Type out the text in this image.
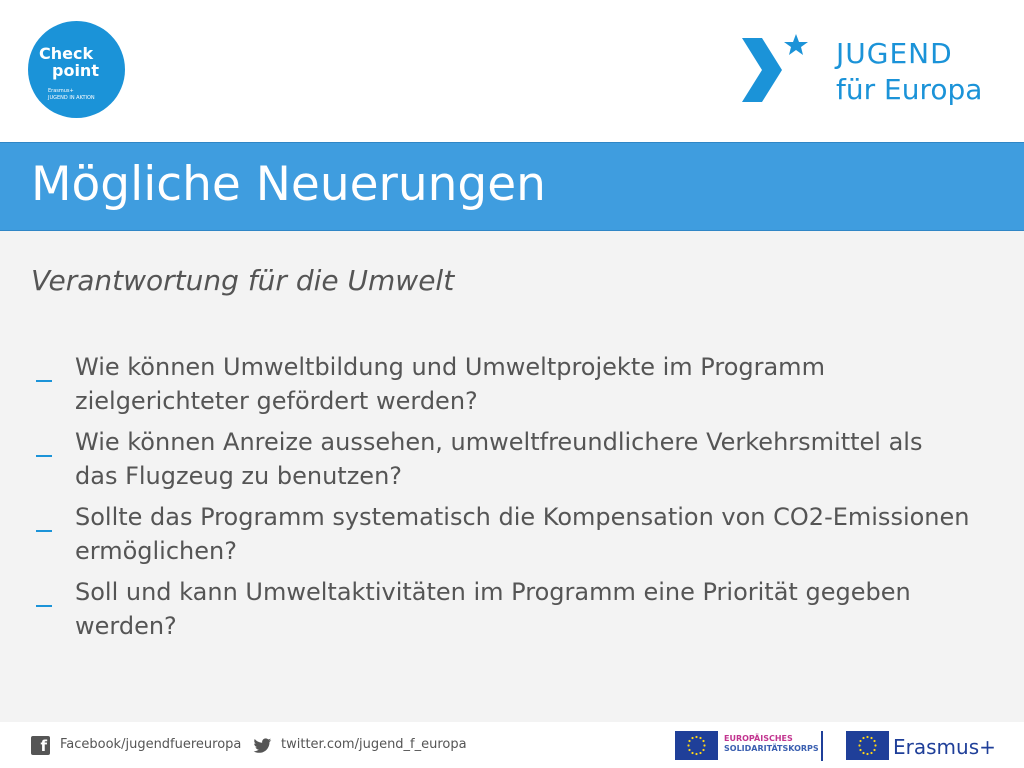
Check
point
Erasmus+
JUGEND IN AKTION
JUGEND
für Europa
Mögliche Neuerungen
Verantwortung für die Umwelt
Wie können Umweltbildung und Umweltprojekte im Programm zielgerichteter gefördert werden?
Wie können Anreize aussehen, umweltfreundlichere Verkehrsmittel als das Flugzeug zu benutzen?
Sollte das Programm systematisch die Kompensation von CO2-Emissionen ermöglichen?
Soll und kann Umweltaktivitäten im Programm eine Priorität gegeben werden?
f Facebook/jugendfuereuropa	twitter.com/jugend_f_europa	EUROPÄISCHES
SOLIDARITÄTSKORPS	Erasmus+
